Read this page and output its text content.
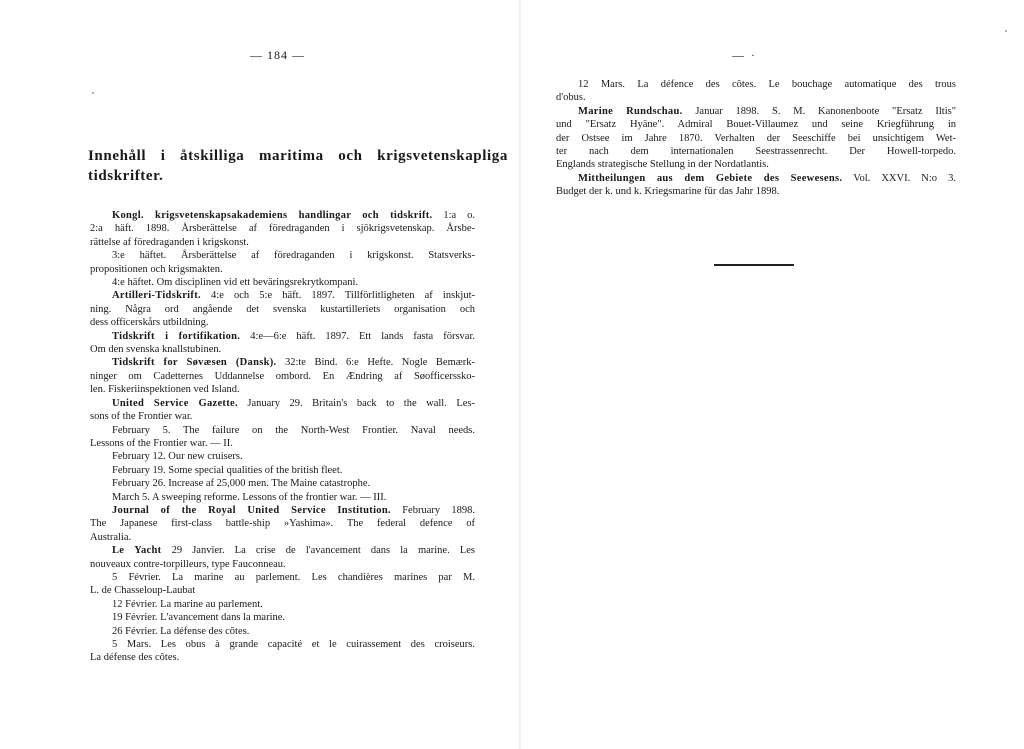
— 184 —
Innehåll i åtskilliga maritima och krigsvetenskapliga tidskrifter.
Kongl. krigsvetenskapsakademiens handlingar och tidskrift. 1:a o.
2:a häft. 1898. Årsberättelse af föredraganden i sjökrigsvetenskap. Årsbe-
rättelse af föredraganden i krigskonst.
3:e häftet. Årsberättelse af föredraganden i krigskonst. Statsverks-
propositionen och krigsmakten.
4:e häftet. Om disciplinen vid ett beväringsrekrytkompani.
Artilleri-Tidskrift. 4:e och 5:e häft. 1897. Tillförlitligheten af inskjut-
ning. Några ord angående det svenska kustartilleriets organisation och
dess officerskårs utbildning.
Tidskrift i fortifikation. 4:e—6:e häft. 1897. Ett lands fasta försvar.
Om den svenska knallstubinen.
Tidskrift for Søvæsen (Dansk). 32:te Bind. 6:e Hefte. Nogle Bemærk-
ninger om Cadetternes Uddannelse ombord. En Ændring af Søofficersskо-
len. Fiskeriinspektionen ved Island.
United Service Gazette. January 29. Britain's back to the wall. Les-
sons of the Frontier war.
February 5. The failure on the North-West Frontier. Naval needs.
Lessons of the Frontier war. — II.
February 12. Our new cruisers.
February 19. Some special qualities of the british fleet.
February 26. Increase af 25,000 men. The Maine catastrophe.
March 5. A sweeping reforme. Lessons of the frontier war. — III.
Journal of the Royal United Service Institution. February 1898.
The Japanese first-class battle-ship »Yashima». The federal defence of
Australia.
Le Yacht 29 Janvier. La crise de l'avancement dans la marine. Les
nouveaux contre-torpilleurs, type Fauconneau.
5 Février. La marine au parlement. Les chandières marines par M.
L. de Chasseloup-Laubat
12 Février. La marine au parlement.
19 Février. L'avancement dans la marine.
26 Février. La défense des côtes.
5 Mars. Les obus à grande capacité et le cuirassement des croiseurs.
La défense des côtes.
— ·
12 Mars. La défence des côtes. Le bouchage automatique des trous
d'obus.
Marine Rundschau. Januar 1898. S. M. Kanonenboote "Ersatz Iltis"
und "Ersatz Hyäne". Admiral Bouet-Villaumez und seine Kriegführung in
der Ostsee im Jahre 1870. Verhalten der Seeschiffe bei unsichtigem Wet-
ter nach dem internationalen Seestrassenrecht. Der Howell-torpedo.
Englands strategische Stellung in der Nordatlantis.
Mittheilungen aus dem Gebiete des Seewesens. Vol. XXVI. N:o 3.
Budget der k. und k. Kriegsmarine für das Jahr 1898.
